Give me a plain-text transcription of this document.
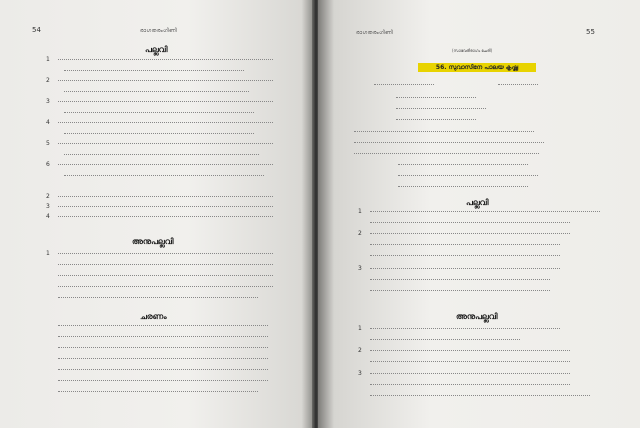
54	രാഗതരംഗിണി
പല്ലവി
അനുപല്ലവി
ചരണം
1
2
3
4
5
6
2
3
4
1
രാഗതരംഗിണി	55
(സാവേരീരാഗം ചേരി)
56. സുവാസിനേ പാലയ കൃഷ്ണ
പല്ലവി
1
2
3
അനുപല്ലവി
1
2
3
